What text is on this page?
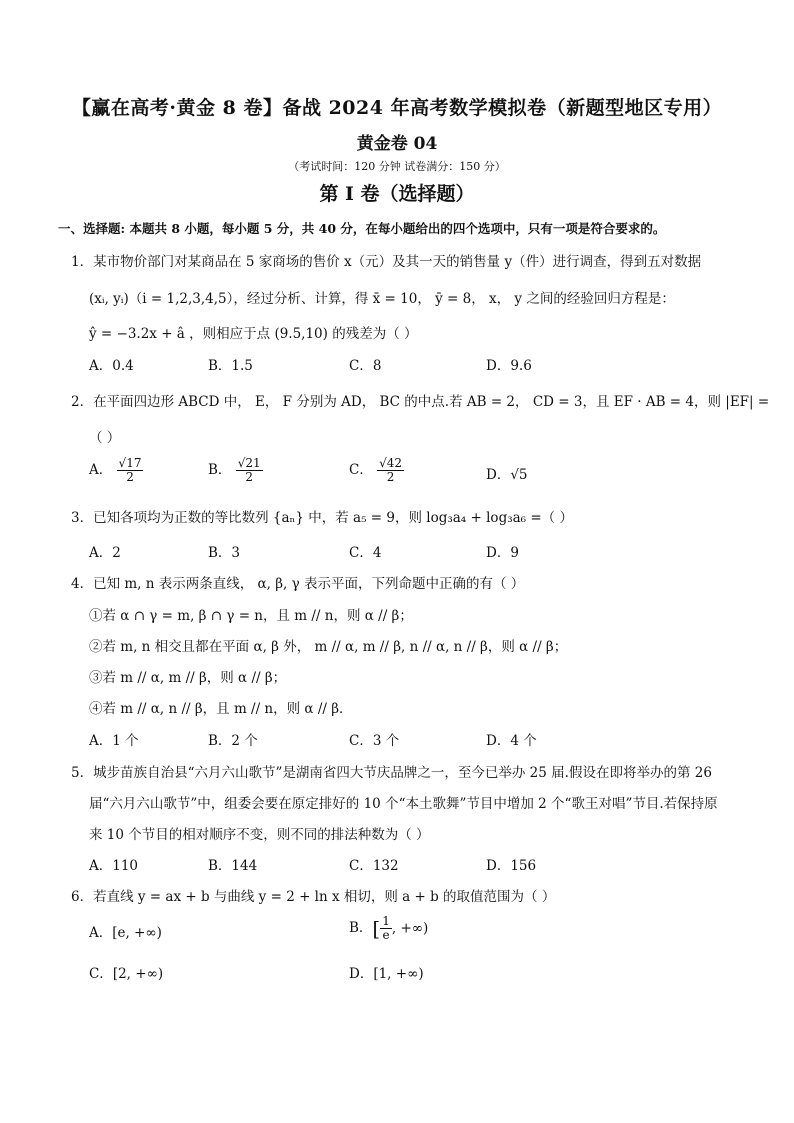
【赢在高考·黄金 8 卷】备战 2024 年高考数学模拟卷（新题型地区专用）
黄金卷 04
（考试时间：120 分钟 试卷满分：150 分）
第 I 卷（选择题）
一、选择题: 本题共 8 小题，每小题 5 分，共 40 分，在每小题给出的四个选项中，只有一项是符合要求的。
1．某市物价部门对某商品在 5 家商场的售价 x（元）及其一天的销售量 y（件）进行调查，得到五对数据
(xᵢ, yᵢ)（i = 1,2,3,4,5），经过分析、计算，得 x̄ = 10， ȳ = 8， x， y 之间的经验回归方程是：
ŷ = −3.2x + â ，则相应于点 (9.5,10) 的残差为（ ）
A．0.4	B．1.5	C．8	D．9.6
2．在平面四边形 ABCD 中， E， F 分别为 AD， BC 的中点.若 AB = 2， CD = 3，且 EF · AB = 4，则 |EF| =
（ ）
A． $\frac{√17}{2}$	B． $\frac{√21}{2}$	C． $\frac{√42}{2}$	D．√5
3．已知各项均为正数的等比数列 {aₙ} 中，若 a₅ = 9，则 log₃a₄ + log₃a₆ =（ ）
A．2	B．3	C．4	D．9
4．已知 m, n 表示两条直线， α, β, γ 表示平面，下列命题中正确的有（ ）
①若 α ∩ γ = m, β ∩ γ = n，且 m // n，则 α // β；
②若 m, n 相交且都在平面 α, β 外， m // α, m // β, n // α, n // β，则 α // β；
③若 m // α, m // β，则 α // β；
④若 m // α, n // β，且 m // n，则 α // β．
A．1 个	B．2 个	C．3 个	D．4 个
5．城步苗族自治县“六月六山歌节”是湖南省四大节庆品牌之一，至今已举办 25 届.假设在即将举办的第 26
届“六月六山歌节”中，组委会要在原定排好的 10 个“本土歌舞”节目中增加 2 个“歌王对唱”节目.若保持原
来 10 个节目的相对顺序不变，则不同的排法种数为（ ）
A．110	B．144	C．132	D．156
6．若直线 y = ax + b 与曲线 y = 2 + ln x 相切，则 a + b 的取值范围为（ ）
A．[e, +∞)	B．[ $\frac{1}{e}$ , +∞)
C．[2, +∞)	D．[1, +∞)
